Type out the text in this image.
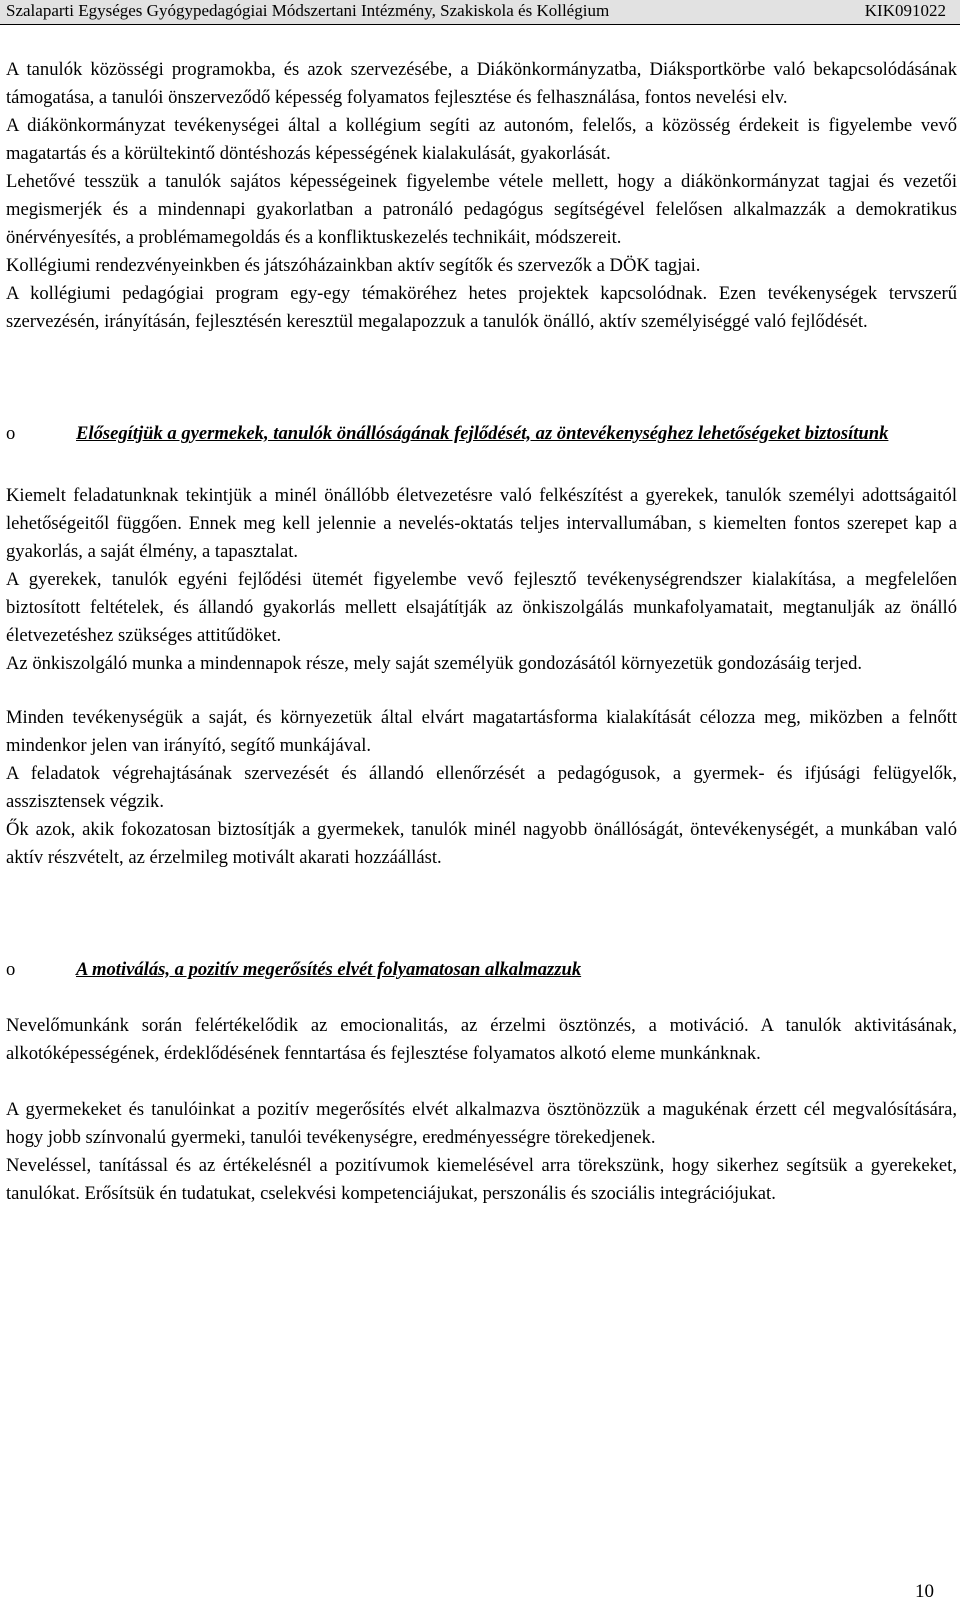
Szalaparti Egységes Gyógypedagógiai Módszertani Intézmény, Szakiskola és Kollégium	KIK091022

A tanulók közösségi programokba, és azok szervezésébe, a Diákönkormányzatba, Diáksportkörbe való bekapcsolódásának támogatása, a tanulói önszerveződő képesség folyamatos fejlesztése és felhasználása, fontos nevelési elv.

A diákönkormányzat tevékenységei által a kollégium segíti az autonóm, felelős, a közösség érdekeit is figyelembe vevő magatartás és a körültekintő döntéshozás képességének kialakulását, gyakorlását.

Lehetővé tesszük a tanulók sajátos képességeinek figyelembe vétele mellett, hogy a diákönkormányzat tagjai és vezetői megismerjék és a mindennapi gyakorlatban a patronáló pedagógus segítségével felelősen alkalmazzák a demokratikus önérvényesítés, a problémamegoldás és a konfliktuskezelés technikáit, módszereit.

Kollégiumi rendezvényeinkben és játszóházainkban aktív segítők és szervezők a DÖK tagjai.

A kollégiumi pedagógiai program egy-egy témaköréhez hetes projektek kapcsolódnak. Ezen tevékenységek tervszerű szervezésén, irányításán, fejlesztésén keresztül megalapozzuk a tanulók önálló, aktív személyiséggé való fejlődését.

o	Elősegítjük a gyermekek, tanulók önállóságának fejlődését, az öntevékenységhez lehetőségeket biztosítunk

Kiemelt feladatunknak tekintjük a minél önállóbb életvezetésre való felkészítést a gyerekek, tanulók személyi adottságaitól lehetőségeitől függően. Ennek meg kell jelennie a nevelés-oktatás teljes intervallumában, s kiemelten fontos szerepet kap a gyakorlás, a saját élmény, a tapasztalat.

A gyerekek, tanulók egyéni fejlődési ütemét figyelembe vevő fejlesztő tevékenységrendszer kialakítása, a megfelelően biztosított feltételek, és állandó gyakorlás mellett elsajátítják az önkiszolgálás munkafolyamatait, megtanulják az önálló életvezetéshez szükséges attitűdöket.

Az önkiszolgáló munka a mindennapok része, mely saját személyük gondozásától környezetük gondozásáig terjed.

Minden tevékenységük a saját, és környezetük által elvárt magatartásforma kialakítását célozza meg, miközben a felnőtt mindenkor jelen van irányító, segítő munkájával.

A feladatok végrehajtásának szervezését és állandó ellenőrzését a pedagógusok, a gyermek- és ifjúsági felügyelők, asszisztensek végzik.

Ők azok, akik fokozatosan biztosítják a gyermekek, tanulók minél nagyobb önállóságát, öntevékenységét, a munkában való aktív részvételt, az érzelmileg motivált akarati hozzáállást.

o	A motiválás, a pozitív megerősítés elvét folyamatosan alkalmazzuk

Nevelőmunkánk során felértékelődik az emocionalitás, az érzelmi ösztönzés, a motiváció. A tanulók aktivitásának, alkotóképességének, érdeklődésének fenntartása és fejlesztése folyamatos alkotó eleme munkánknak.

A gyermekeket és tanulóinkat a pozitív megerősítés elvét alkalmazva ösztönözzük a magukénak érzett cél megvalósítására, hogy jobb színvonalú gyermeki, tanulói tevékenységre, eredményességre törekedjenek.

Neveléssel, tanítással és az értékelésnél a pozitívumok kiemelésével arra törekszünk, hogy sikerhez segítsük a gyerekeket, tanulókat. Erősítsük én tudatukat, cselekvési kompetenciájukat, perszonális és szociális integrációjukat.

10
